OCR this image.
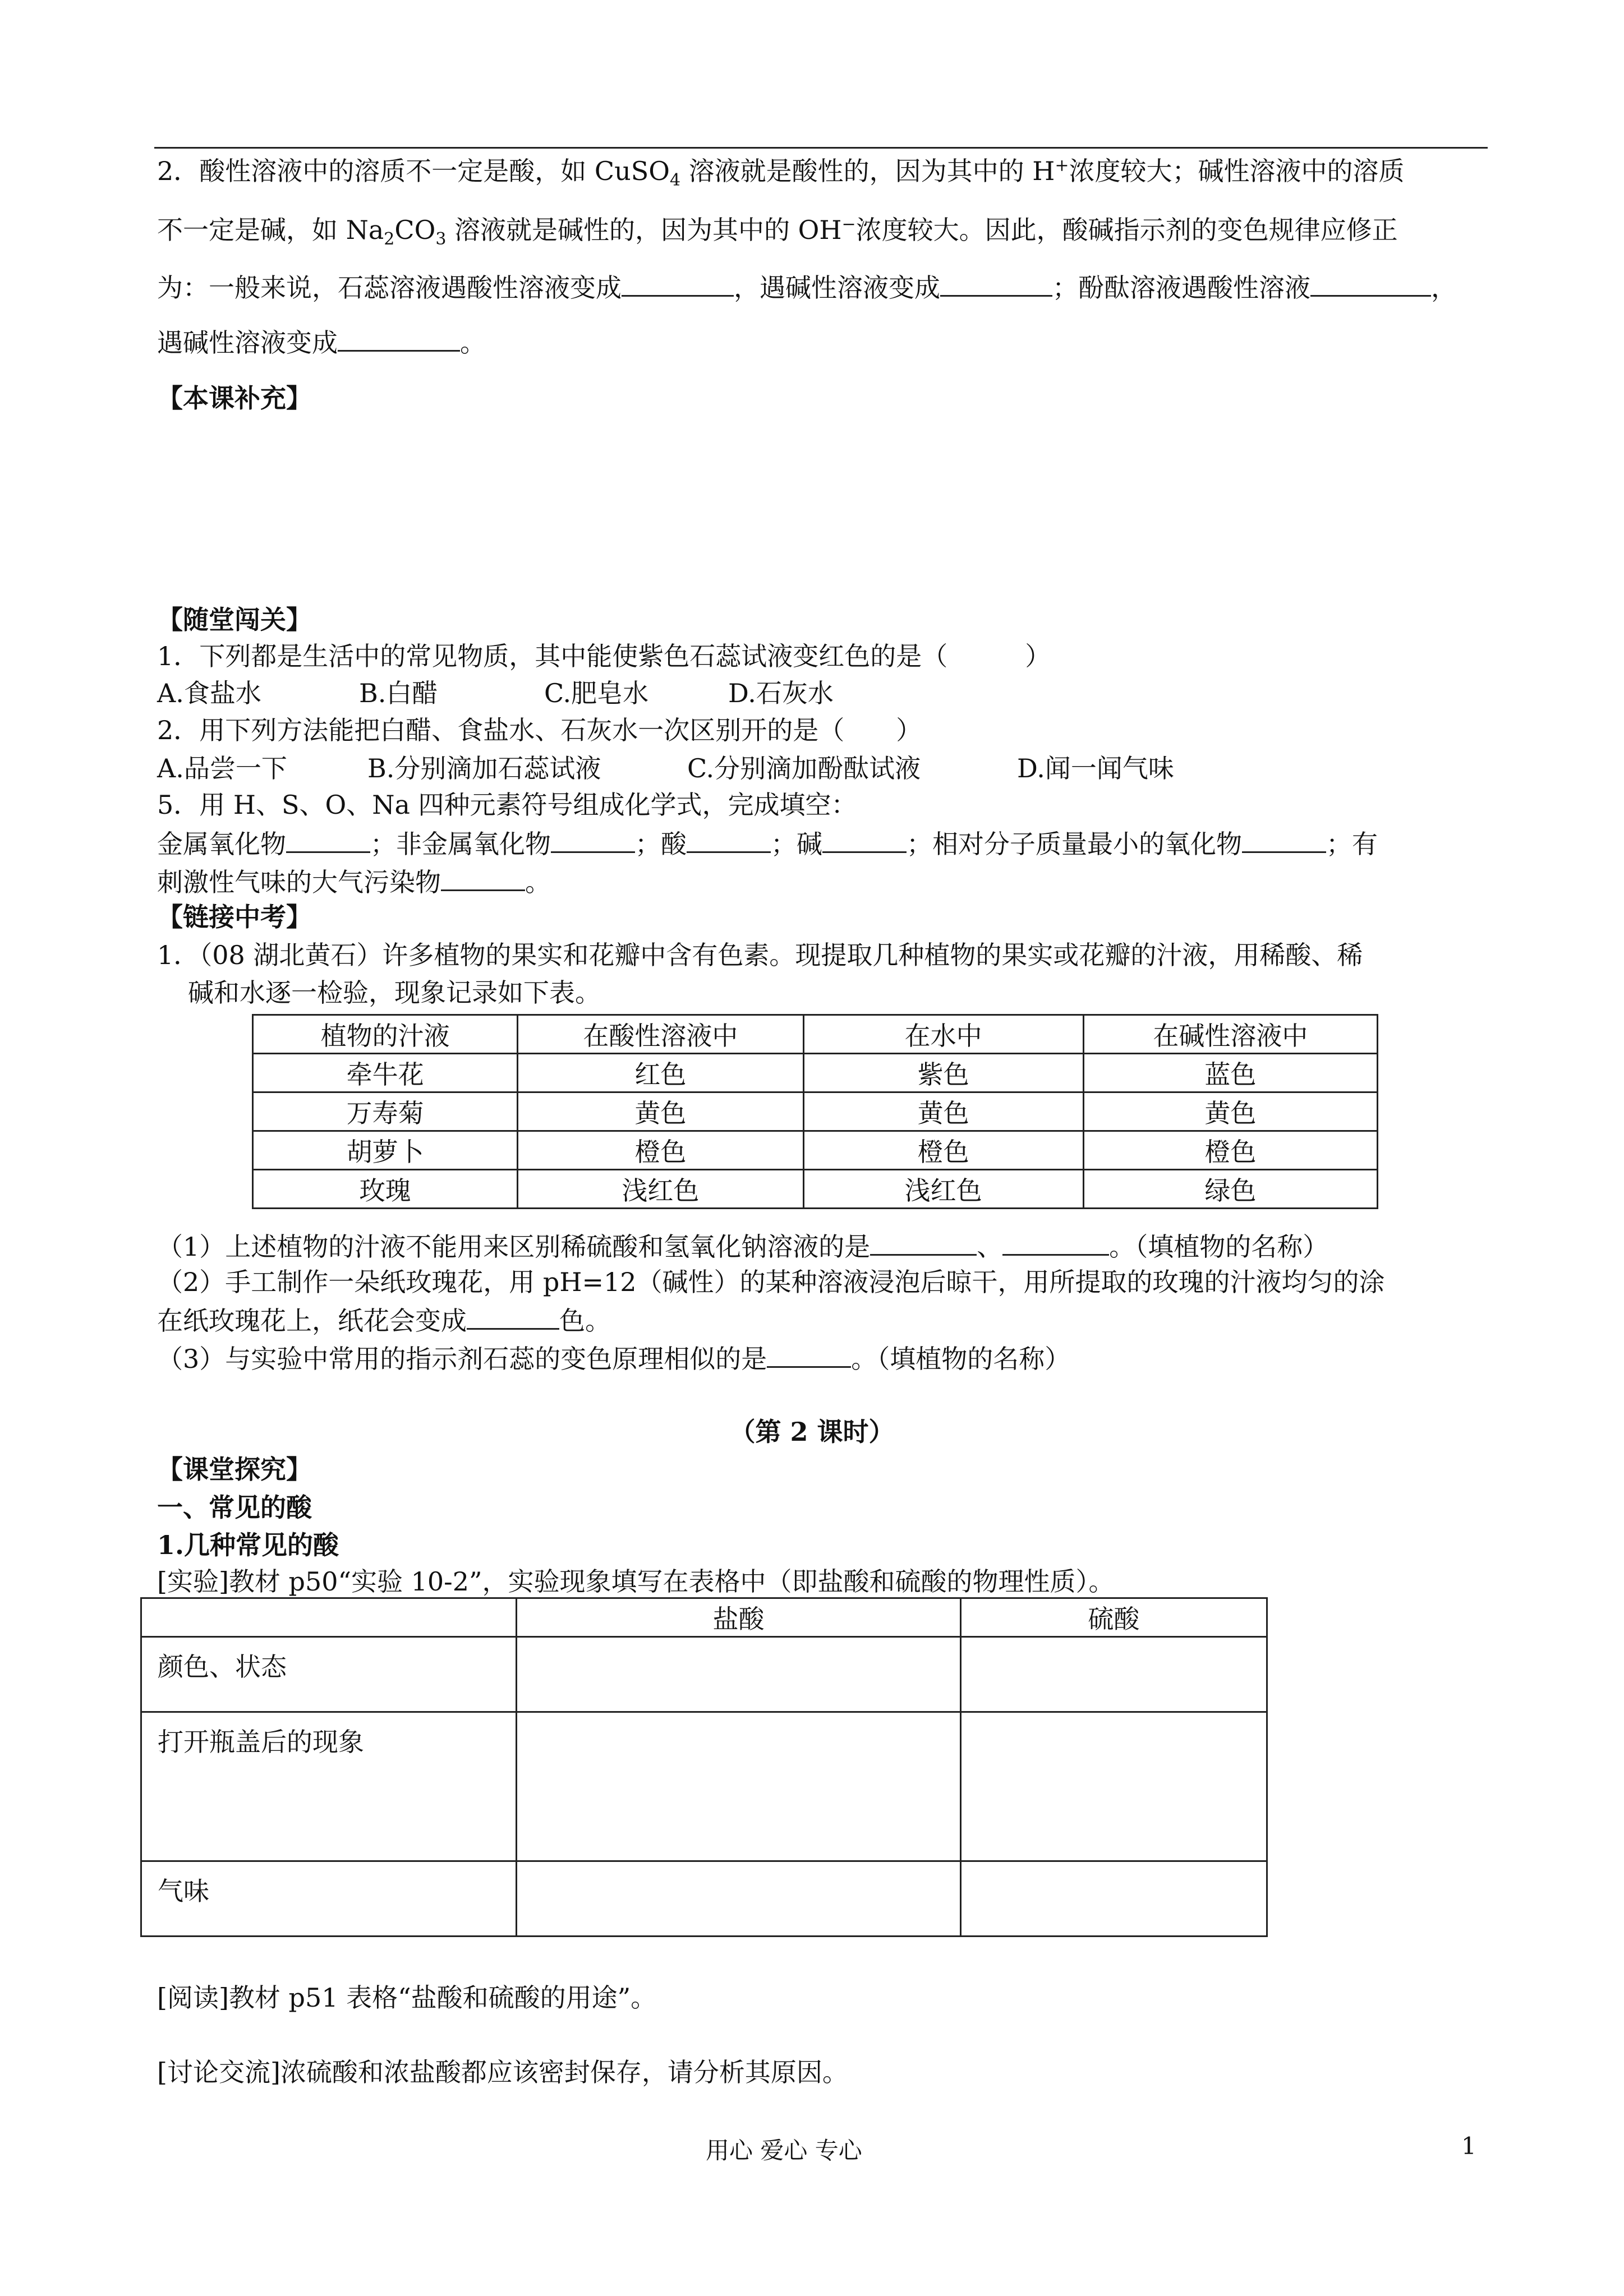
2．酸性溶液中的溶质不一定是酸，如 CuSO$_4$ 溶液就是酸性的，因为其中的 H+浓度较大；碱性溶液中的溶质
不一定是碱，如 $Na_2CO_3$ 溶液就是碱性的，因为其中的 OH−浓度较大。因此，酸碱指示剂的变色规律应修正
为：一般来说，石蕊溶液遇酸性溶液变成	，遇碱性溶液变成	；酚酞溶液遇酸性溶液	，
遇碱性溶液变成	。
【本课补充】
【随堂闯关】
1．下列都是生活中的常见物质，其中能使紫色石蕊试液变红色的是（　　　）
A.食盐水	B.白醋	C.肥皂水	D.石灰水
2．用下列方法能把白醋、食盐水、石灰水一次区别开的是（　　）
A.品尝一下	B.分别滴加石蕊试液	C.分别滴加酚酞试液	D.闻一闻气味
5．用 H、S、O、Na 四种元素符号组成化学式，完成填空：
金属氧化物	；非金属氧化物	；酸	；碱	；相对分子质量最小的氧化物	；有
刺激性气味的大气污染物	。
【链接中考】
1．（08 湖北黄石）许多植物的果实和花瓣中含有色素。现提取几种植物的果实或花瓣的汁液，用稀酸、稀
碱和水逐一检验，现象记录如下表。
植物的汁液	在酸性溶液中	在水中	在碱性溶液中
牵牛花	红色	紫色	蓝色
万寿菊	黄色	黄色	黄色
胡萝卜	橙色	橙色	橙色
玫瑰	浅红色	浅红色	绿色
（1）上述植物的汁液不能用来区别稀硫酸和氢氧化钠溶液的是	、	。（填植物的名称）
（2）手工制作一朵纸玫瑰花，用 pH=12（碱性）的某种溶液浸泡后晾干，用所提取的玫瑰的汁液均匀的涂
在纸玫瑰花上，纸花会变成	色。
（3）与实验中常用的指示剂石蕊的变色原理相似的是	。（填植物的名称）
（第 2 课时）
【课堂探究】
一、常见的酸
1.几种常见的酸
[实验]教材 p50“实验 10-2”，实验现象填写在表格中（即盐酸和硫酸的物理性质）。
	盐酸	硫酸
颜色、状态		
打开瓶盖后的现象		
气味		
[阅读]教材 p51 表格“盐酸和硫酸的用途”。
[讨论交流]浓硫酸和浓盐酸都应该密封保存，请分析其原因。
用心 爱心 专心	1
